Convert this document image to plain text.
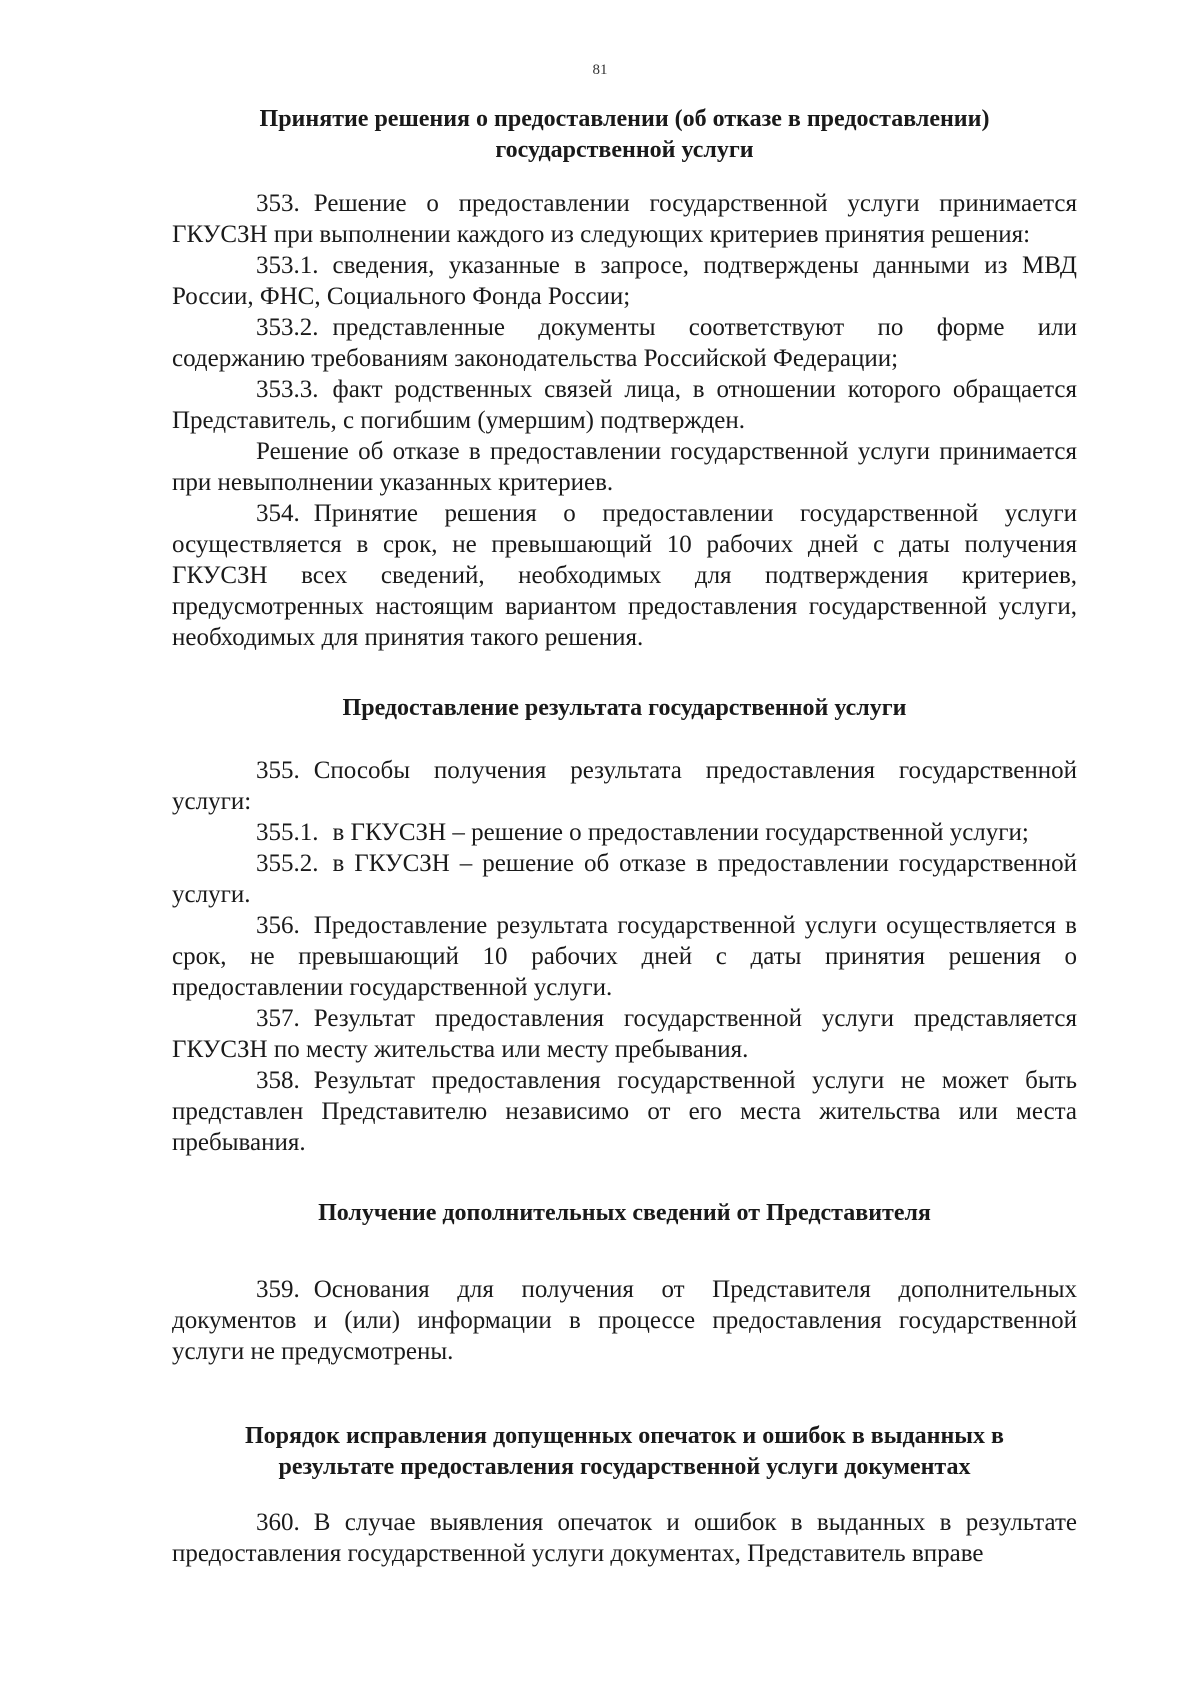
81
Принятие решения о предоставлении (об отказе в предоставлении)
государственной услуги

353. Решение о предоставлении государственной услуги принимается ГКУСЗН при выполнении каждого из следующих критериев принятия решения:

353.1. сведения, указанные в запросе, подтверждены данными из МВД России, ФНС, Социального Фонда России;

353.2. представленные документы соответствуют по форме или содержанию требованиям законодательства Российской Федерации;

353.3. факт родственных связей лица, в отношении которого обращается Представитель, с погибшим (умершим) подтвержден.

Решение об отказе в предоставлении государственной услуги принимается при невыполнении указанных критериев.

354. Принятие решения о предоставлении государственной услуги осуществляется в срок, не превышающий 10 рабочих дней с даты получения ГКУСЗН всех сведений, необходимых для подтверждения критериев, предусмотренных настоящим вариантом предоставления государственной услуги, необходимых для принятия такого решения.

Предоставление результата государственной услуги

355. Способы получения результата предоставления государственной услуги:

355.1. в ГКУСЗН – решение о предоставлении государственной услуги;

355.2. в ГКУСЗН – решение об отказе в предоставлении государственной услуги.

356. Предоставление результата государственной услуги осуществляется в срок, не превышающий 10 рабочих дней с даты принятия решения о предоставлении государственной услуги.

357. Результат предоставления государственной услуги представляется ГКУСЗН по месту жительства или месту пребывания.

358. Результат предоставления государственной услуги не может быть представлен Представителю независимо от его места жительства или места пребывания.

Получение дополнительных сведений от Представителя

359. Основания для получения от Представителя дополнительных документов и (или) информации в процессе предоставления государственной услуги не предусмотрены.

Порядок исправления допущенных опечаток и ошибок в выданных в
результате предоставления государственной услуги документах

360. В случае выявления опечаток и ошибок в выданных в результате предоставления государственной услуги документах, Представитель вправе
